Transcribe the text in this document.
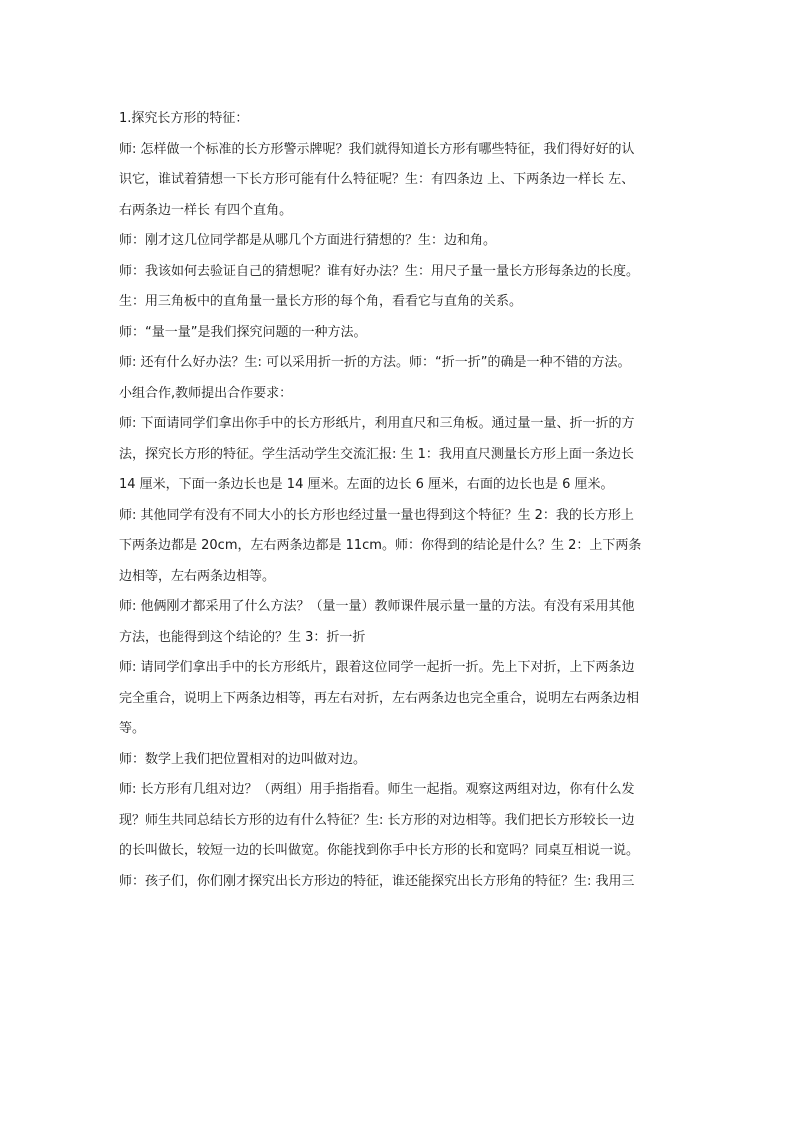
1.探究长方形的特征：
师: 怎样做一个标准的长方形警示牌呢？我们就得知道长方形有哪些特征，我们得好好的认
识它，谁试着猜想一下长方形可能有什么特征呢？生：有四条边 上、下两条边一样长 左、
右两条边一样长 有四个直角。
师：刚才这几位同学都是从哪几个方面进行猜想的？生：边和角。
师：我该如何去验证自己的猜想呢？谁有好办法？生：用尺子量一量长方形每条边的长度。
生：用三角板中的直角量一量长方形的每个角，看看它与直角的关系。
师：“量一量”是我们探究问题的一种方法。
师: 还有什么好办法？生: 可以采用折一折的方法。师：“折一折”的确是一种不错的方法。
小组合作,教师提出合作要求：
师: 下面请同学们拿出你手中的长方形纸片，利用直尺和三角板。通过量一量、折一折的方
法，探究长方形的特征。学生活动学生交流汇报: 生 1：我用直尺测量长方形上面一条边长
14 厘米，下面一条边长也是 14 厘米。左面的边长 6 厘米，右面的边长也是 6 厘米。
师: 其他同学有没有不同大小的长方形也经过量一量也得到这个特征？生 2：我的长方形上
下两条边都是 20cm，左右两条边都是 11cm。师：你得到的结论是什么？生 2：上下两条
边相等，左右两条边相等。
师: 他俩刚才都采用了什么方法？（量一量）教师课件展示量一量的方法。有没有采用其他
方法，也能得到这个结论的？生 3：折一折
师: 请同学们拿出手中的长方形纸片，跟着这位同学一起折一折。先上下对折，上下两条边
完全重合，说明上下两条边相等，再左右对折，左右两条边也完全重合，说明左右两条边相
等。
师：数学上我们把位置相对的边叫做对边。
师: 长方形有几组对边？（两组）用手指指看。师生一起指。观察这两组对边，你有什么发
现？师生共同总结长方形的边有什么特征？生: 长方形的对边相等。我们把长方形较长一边
的长叫做长，较短一边的长叫做宽。你能找到你手中长方形的长和宽吗？同桌互相说一说。
师：孩子们，你们刚才探究出长方形边的特征，谁还能探究出长方形角的特征？生: 我用三
